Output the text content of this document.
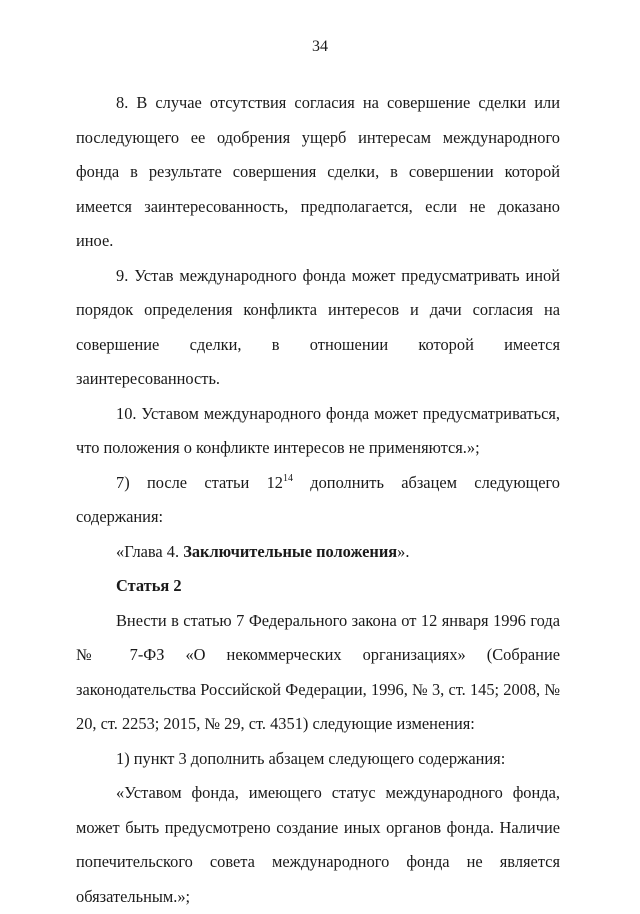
34

8. В случае отсутствия согласия на совершение сделки или последующего ее одобрения ущерб интересам международного фонда в результате совершения сделки, в совершении которой имеется заинтересованность, предполагается, если не доказано иное.

9. Устав международного фонда может предусматривать иной порядок определения конфликта интересов и дачи согласия на совершение сделки, в отношении которой имеется заинтересованность.

10. Уставом международного фонда может предусматриваться, что положения о конфликте интересов не применяются.»;

7) после статьи $12^{14}$ дополнить абзацем следующего содержания:

«Глава 4. Заключительные положения».

Статья 2

Внести в статью 7 Федерального закона от 12 января 1996 года № 7-ФЗ «О некоммерческих организациях» (Собрание законодательства Российской Федерации, 1996, № 3, ст. 145; 2008, № 20, ст. 2253; 2015, № 29, ст. 4351) следующие изменения:

1) пункт 3 дополнить абзацем следующего содержания:

«Уставом фонда, имеющего статус международного фонда, может быть предусмотрено создание иных органов фонда. Наличие попечительского совета международного фонда не является обязательным.»;
